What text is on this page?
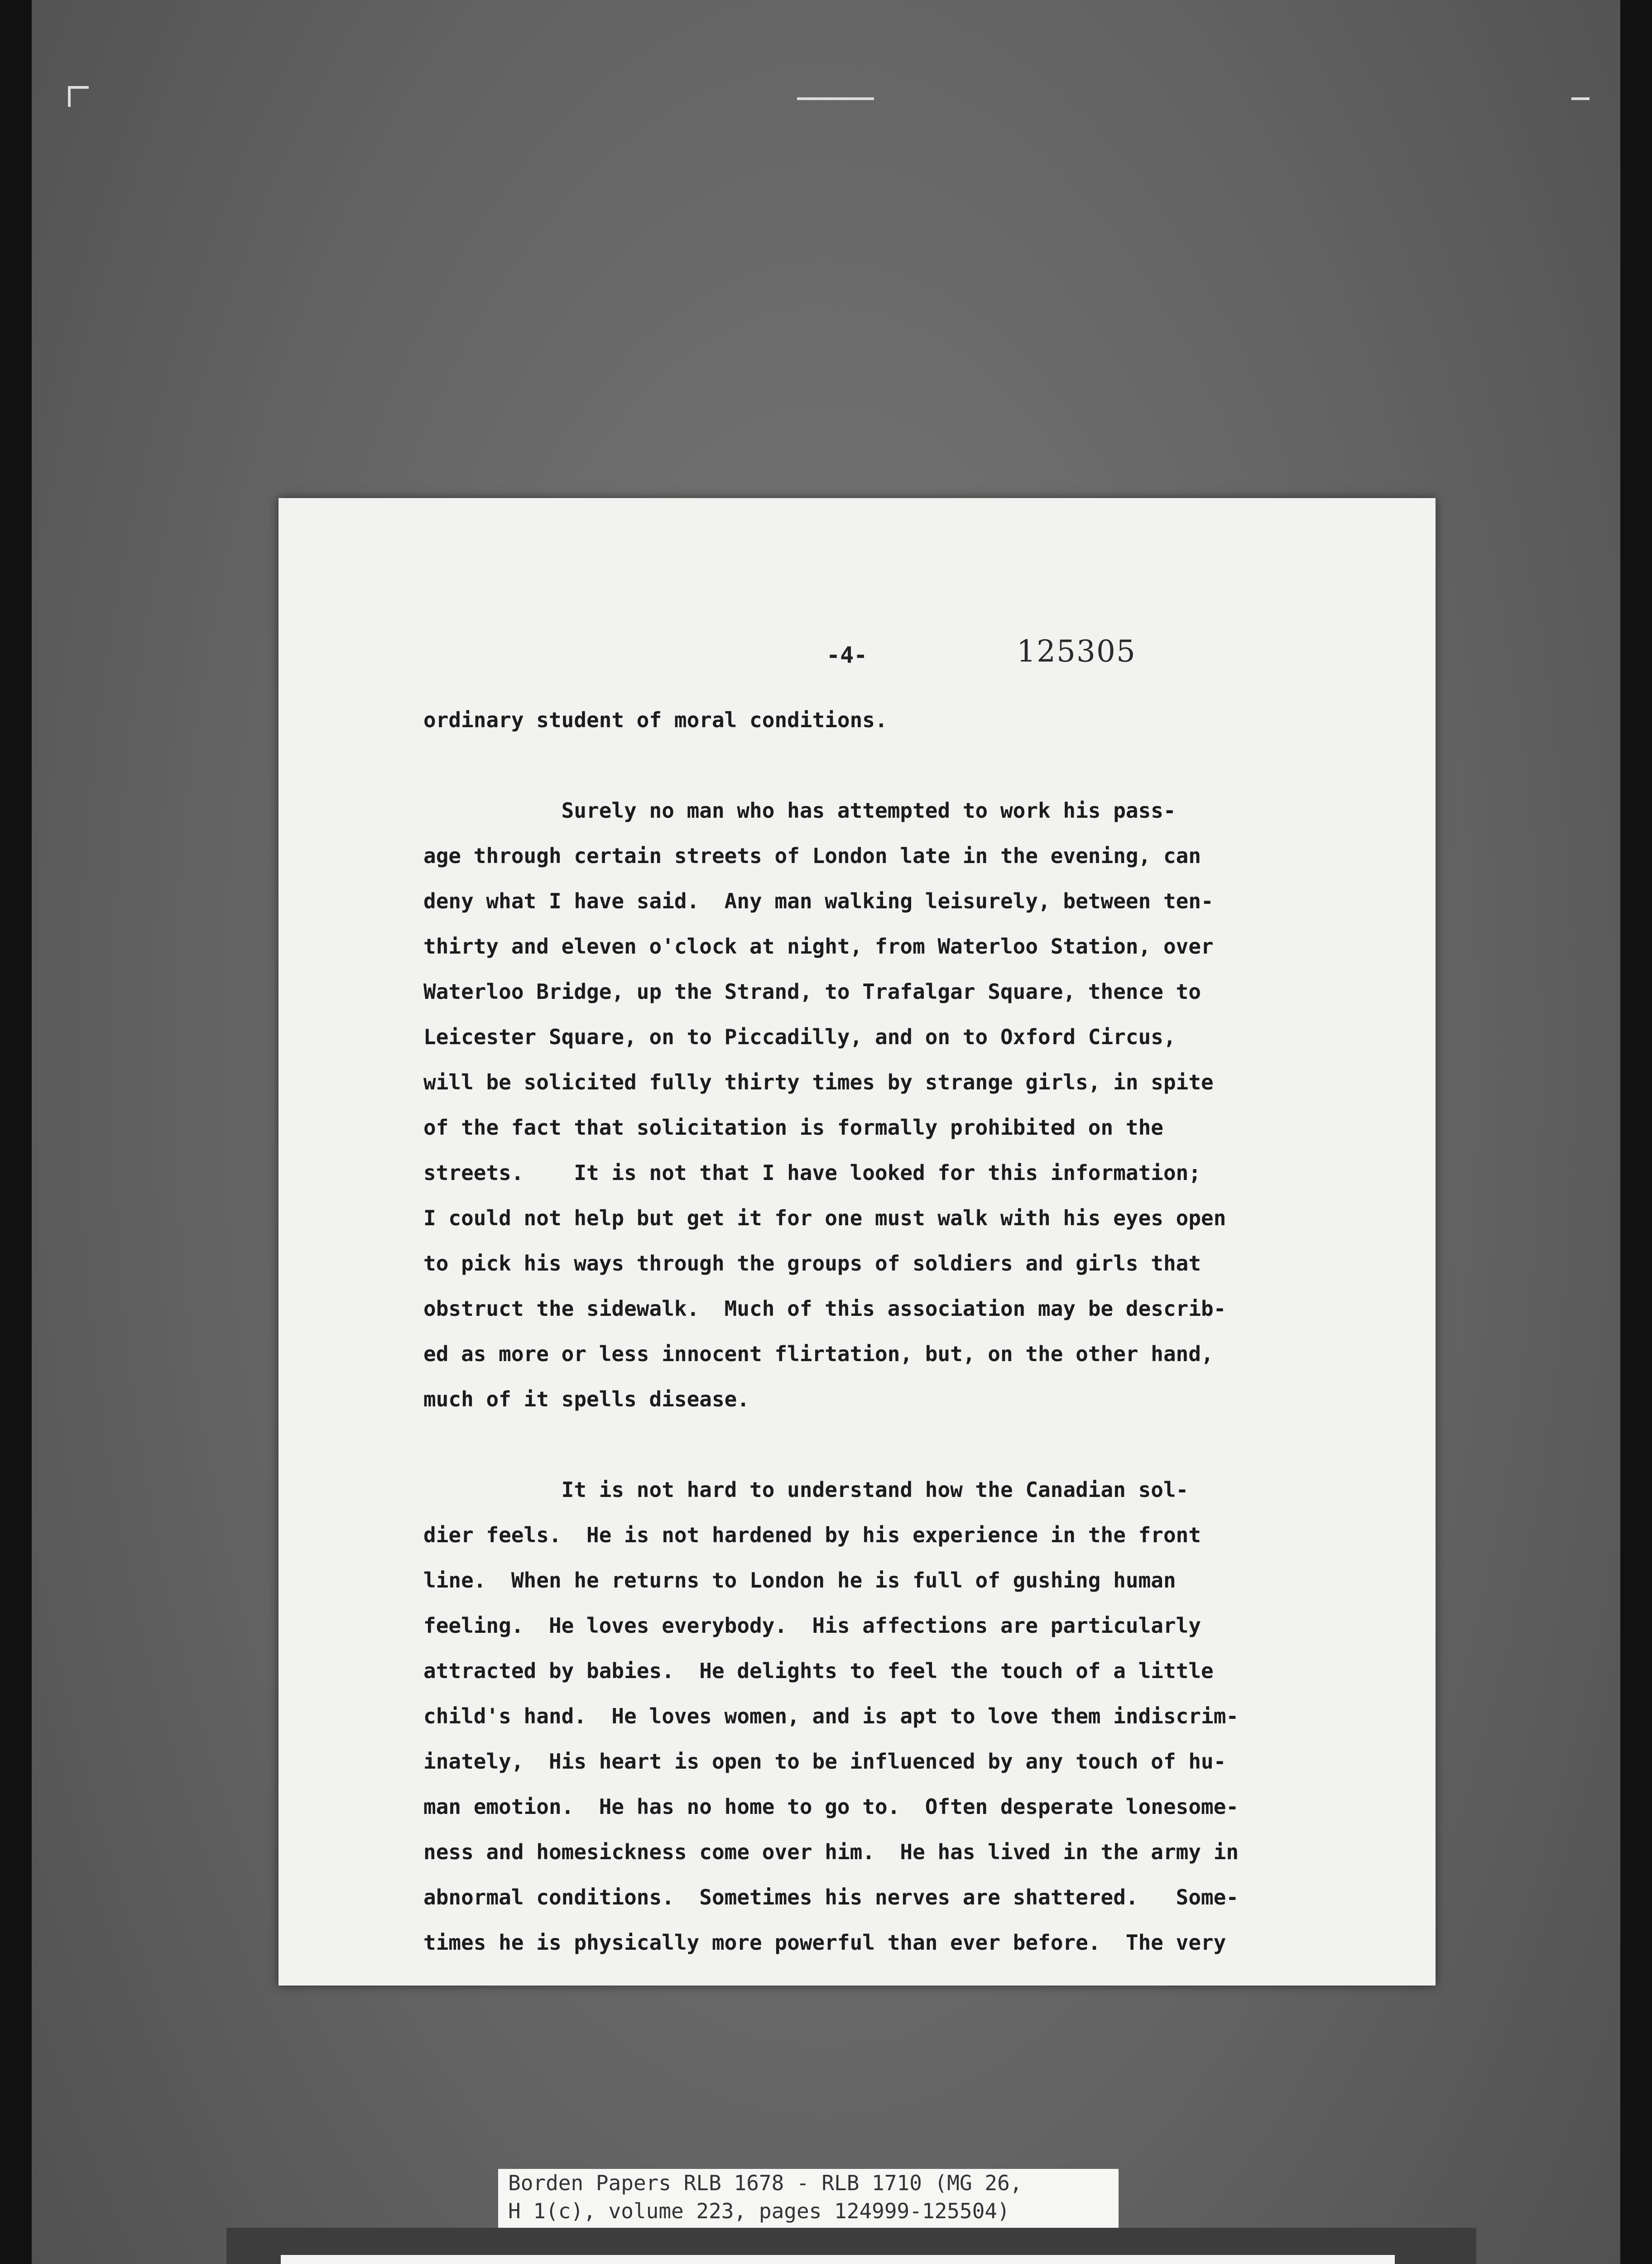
-4-	125305
ordinary student of moral conditions.
Surely no man who has attempted to work his pass-
age through certain streets of London late in the evening, can
deny what I have said.  Any man walking leisurely, between ten-
thirty and eleven o'clock at night, from Waterloo Station, over
Waterloo Bridge, up the Strand, to Trafalgar Square, thence to
Leicester Square, on to Piccadilly, and on to Oxford Circus,
will be solicited fully thirty times by strange girls, in spite
of the fact that solicitation is formally prohibited on the
streets.    It is not that I have looked for this information;
I could not help but get it for one must walk with his eyes open
to pick his ways through the groups of soldiers and girls that
obstruct the sidewalk.  Much of this association may be describ-
ed as more or less innocent flirtation, but, on the other hand,
much of it spells disease.
It is not hard to understand how the Canadian sol-
dier feels.  He is not hardened by his experience in the front
line.  When he returns to London he is full of gushing human
feeling.  He loves everybody.  His affections are particularly
attracted by babies.  He delights to feel the touch of a little
child's hand.  He loves women, and is apt to love them indiscrim-
inately,  His heart is open to be influenced by any touch of hu-
man emotion.  He has no home to go to.  Often desperate lonesome-
ness and homesickness come over him.  He has lived in the army in
abnormal conditions.  Sometimes his nerves are shattered.   Some-
times he is physically more powerful than ever before.  The very
Borden Papers RLB 1678 - RLB 1710 (MG 26,
H 1(c), volume 223, pages 124999-125504)
